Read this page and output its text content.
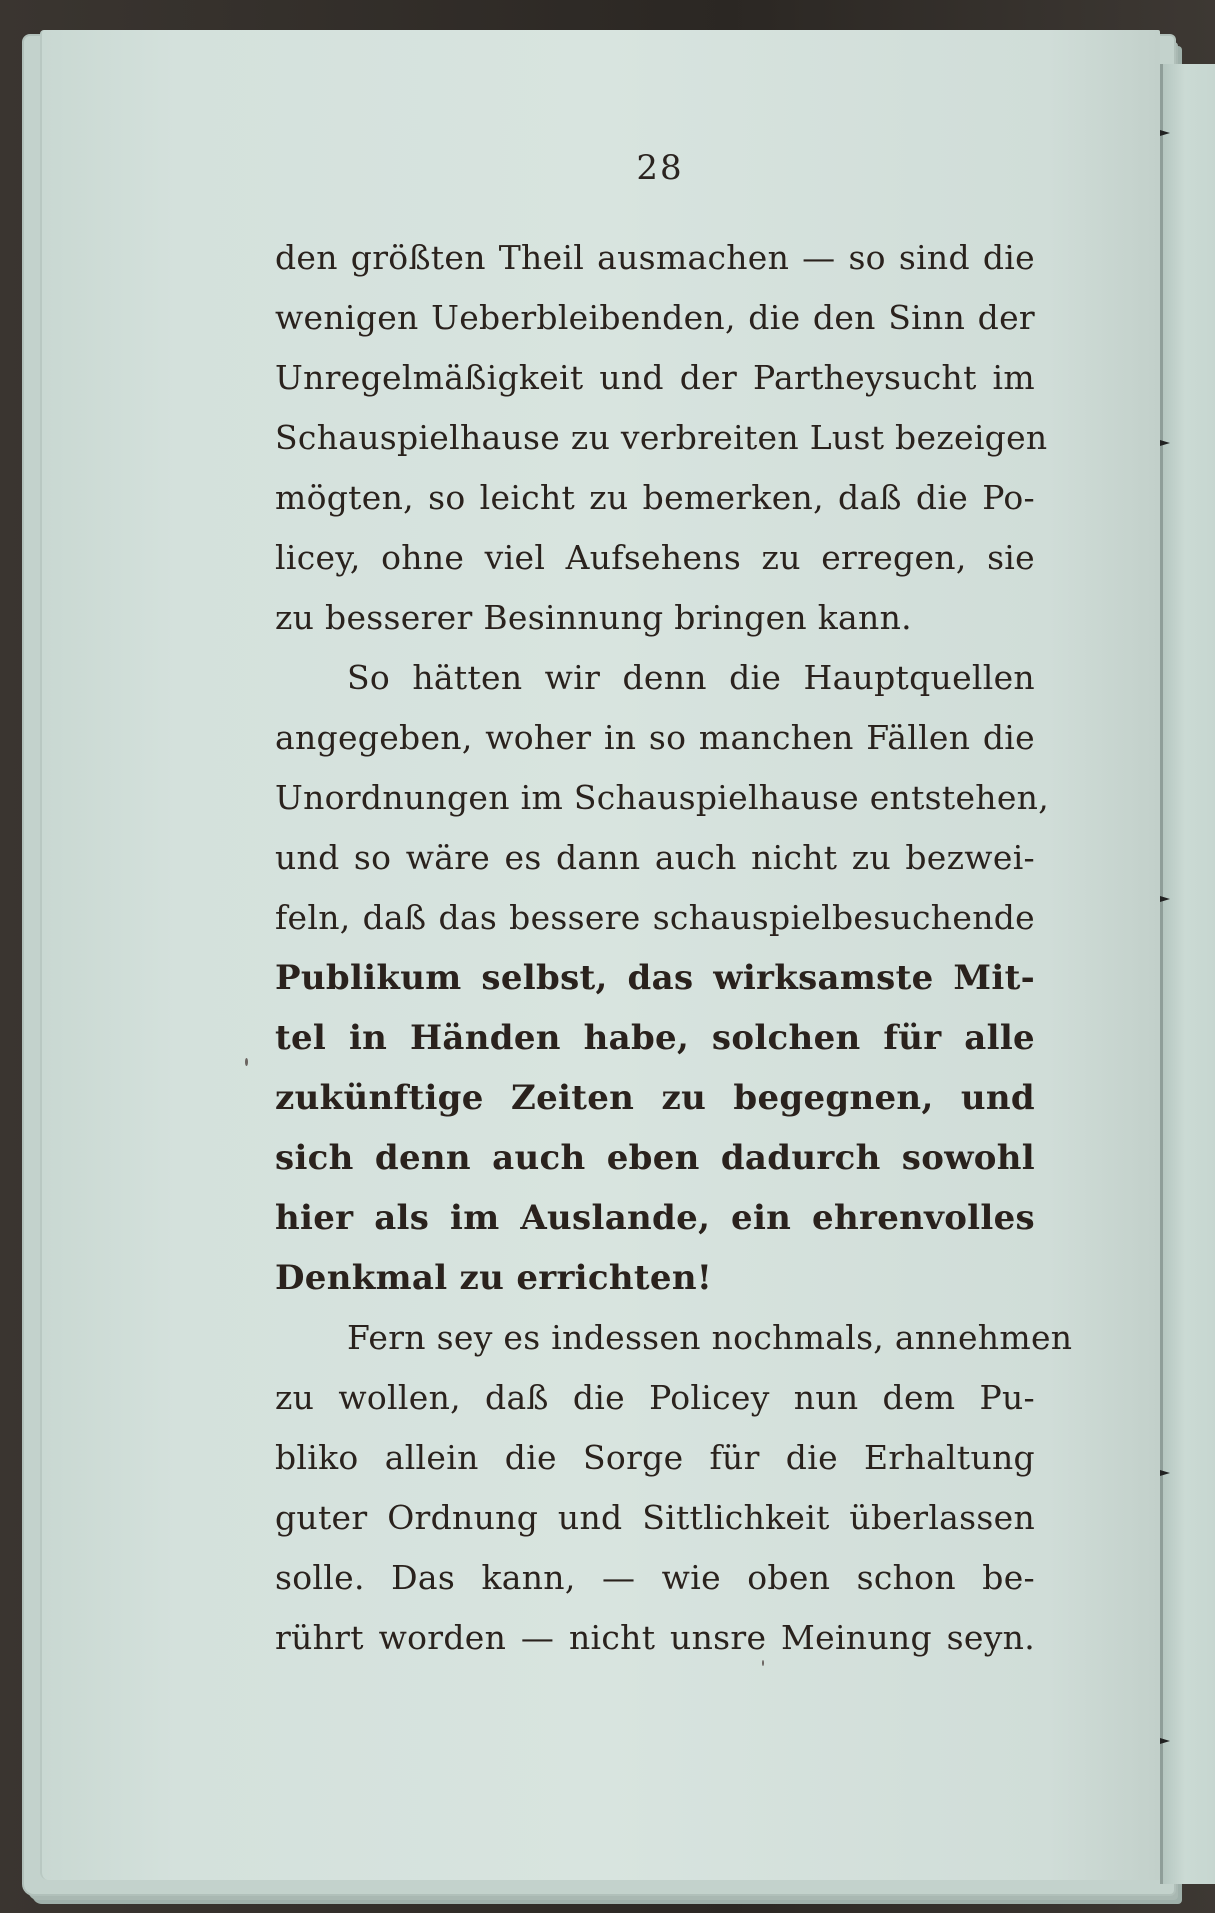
28
den größten Theil ausmachen — so sind die
wenigen Ueberbleibenden, die den Sinn der
Unregelmäßigkeit und der Partheysucht im
Schauspielhause zu verbreiten Lust bezeigen
mögten, so leicht zu bemerken, daß die Po-
licey, ohne viel Aufsehens zu erregen, sie
zu besserer Besinnung bringen kann.
So hätten wir denn die Hauptquellen
angegeben, woher in so manchen Fällen die
Unordnungen im Schauspielhause entstehen,
und so wäre es dann auch nicht zu bezwei-
feln, daß das bessere schauspielbesuchende
Publikum selbst, das wirksamste Mit-
tel in Händen habe, solchen für alle
zukünftige Zeiten zu begegnen, und
sich denn auch eben dadurch sowohl
hier als im Auslande, ein ehrenvolles
Denkmal zu errichten!
Fern sey es indessen nochmals, annehmen
zu wollen, daß die Policey nun dem Pu-
bliko allein die Sorge für die Erhaltung
guter Ordnung und Sittlichkeit überlassen
solle. Das kann, — wie oben schon be-
rührt worden — nicht unsre Meinung seyn.
